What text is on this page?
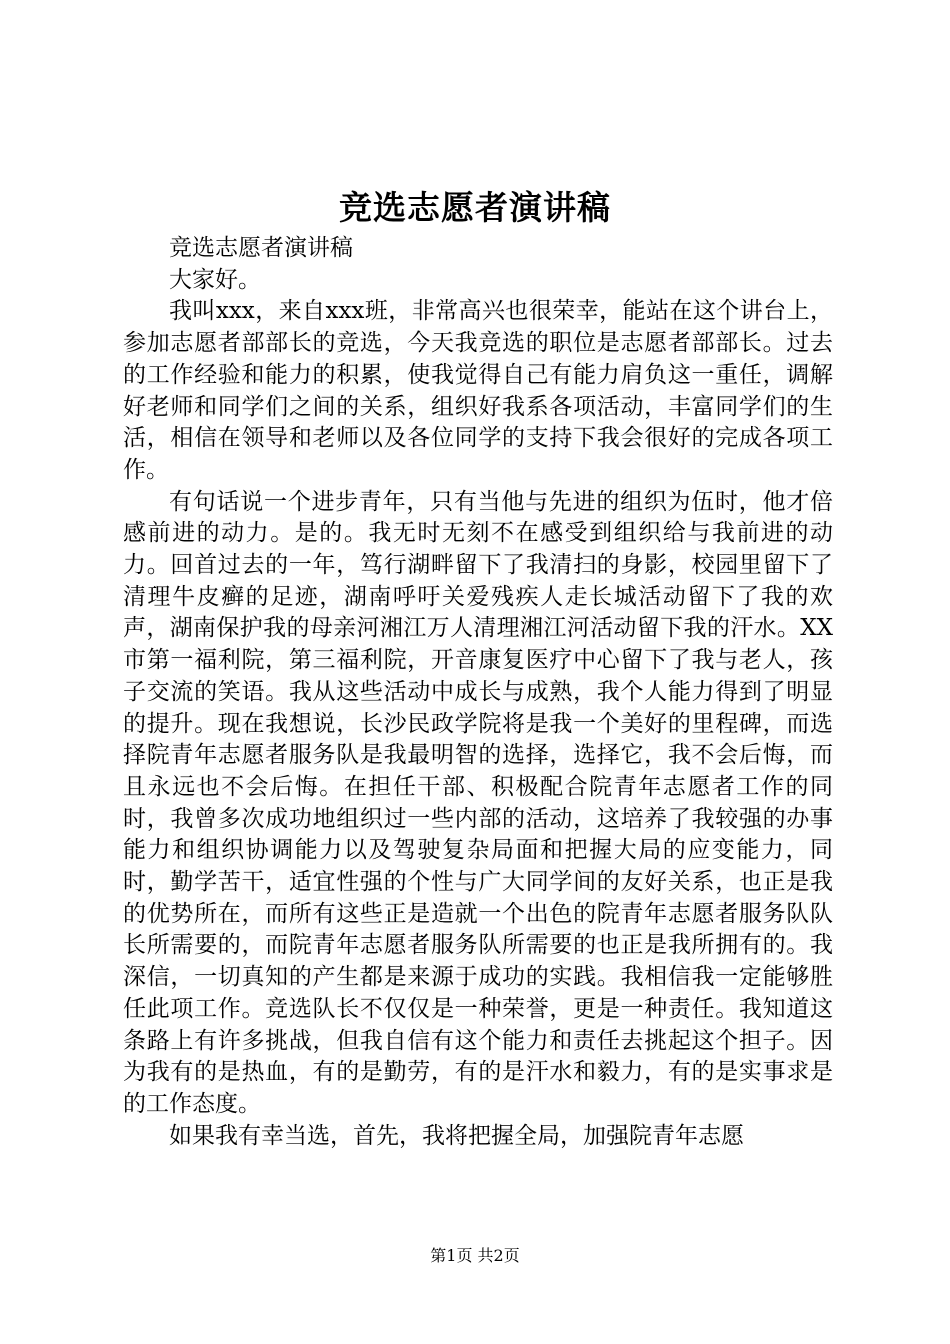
竞选志愿者演讲稿

竞选志愿者演讲稿

大家好。

我叫xxx，来自xxx班，非常高兴也很荣幸，能站在这个讲台上，参加志愿者部部长的竞选，今天我竞选的职位是志愿者部部长。过去的工作经验和能力的积累，使我觉得自己有能力肩负这一重任，调解好老师和同学们之间的关系，组织好我系各项活动，丰富同学们的生活，相信在领导和老师以及各位同学的支持下我会很好的完成各项工作。

有句话说一个进步青年，只有当他与先进的组织为伍时，他才倍感前进的动力。是的。我无时无刻不在感受到组织给与我前进的动力。回首过去的一年，笃行湖畔留下了我清扫的身影，校园里留下了清理牛皮癣的足迹，湖南呼吁关爱残疾人走长城活动留下了我的欢声，湖南保护我的母亲河湘江万人清理湘江河活动留下我的汗水。XX市第一福利院，第三福利院，开音康复医疗中心留下了我与老人，孩子交流的笑语。我从这些活动中成长与成熟，我个人能力得到了明显的提升。现在我想说，长沙民政学院将是我一个美好的里程碑，而选择院青年志愿者服务队是我最明智的选择，选择它，我不会后悔，而且永远也不会后悔。在担任干部、积极配合院青年志愿者工作的同时，我曾多次成功地组织过一些内部的活动，这培养了我较强的办事能力和组织协调能力以及驾驶复杂局面和把握大局的应变能力，同时，勤学苦干，适宜性强的个性与广大同学间的友好关系，也正是我的优势所在，而所有这些正是造就一个出色的院青年志愿者服务队队长所需要的，而院青年志愿者服务队所需要的也正是我所拥有的。我深信，一切真知的产生都是来源于成功的实践。我相信我一定能够胜任此项工作。竞选队长不仅仅是一种荣誉，更是一种责任。我知道这条路上有许多挑战，但我自信有这个能力和责任去挑起这个担子。因为我有的是热血，有的是勤劳，有的是汗水和毅力，有的是实事求是的工作态度。

如果我有幸当选，首先，我将把握全局，加强院青年志愿

第1页 共2页
